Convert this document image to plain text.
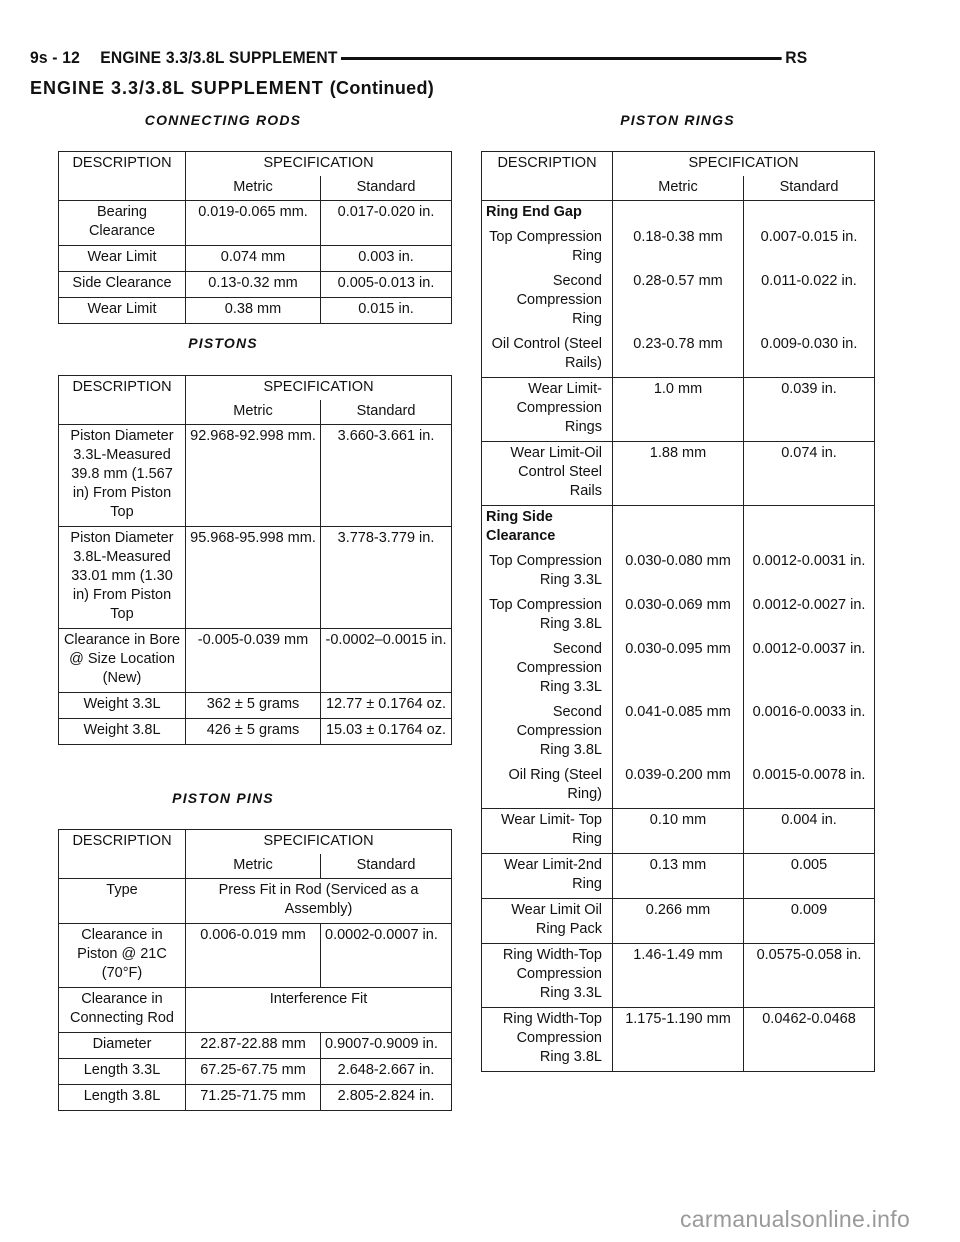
9s - 12 ENGINE 3.3/3.8L SUPPLEMENT	RS
ENGINE 3.3/3.8L SUPPLEMENT (Continued)
CONNECTING RODS
DESCRIPTION	SPECIFICATION	
	Metric	Standard
Bearing Clearance	0.019-0.065 mm.	0.017-0.020 in.
Wear Limit	0.074 mm	0.003 in.
Side Clearance	0.13-0.32 mm	0.005-0.013 in.
Wear Limit	0.38 mm	0.015 in.
PISTONS
DESCRIPTION	SPECIFICATION	
	Metric	Standard
Piston Diameter 3.3L-Measured 39.8 mm (1.567 in) From Piston Top	92.968-92.998 mm.	3.660-3.661 in.
Piston Diameter 3.8L-Measured 33.01 mm (1.30 in) From Piston Top	95.968-95.998 mm.	3.778-3.779 in.
Clearance in Bore @ Size Location (New)	-0.005-0.039 mm	-0.0002–0.0015 in.
Weight 3.3L	362 ± 5 grams	12.77 ± 0.1764 oz.
Weight 3.8L	426 ± 5 grams	15.03 ± 0.1764 oz.
PISTON PINS
DESCRIPTION	SPECIFICATION	
	Metric	Standard
Type	Press Fit in Rod (Serviced as a Assembly)	
Clearance in Piston @ 21C (70°F)	0.006-0.019 mm	0.0002-0.0007 in.
Clearance in Connecting Rod	Interference Fit	
Diameter	22.87-22.88 mm	0.9007-0.9009 in.
Length 3.3L	67.25-67.75 mm	2.648-2.667 in.
Length 3.8L	71.25-71.75 mm	2.805-2.824 in.
PISTON RINGS
DESCRIPTION	SPECIFICATION	
	Metric	Standard
Ring End Gap		
Top Compression Ring	0.18-0.38 mm	0.007-0.015 in.
Second Compression Ring	0.28-0.57 mm	0.011-0.022 in.
Oil Control (Steel Rails)	0.23-0.78 mm	0.009-0.030 in.
Wear Limit- Compression Rings	1.0 mm	0.039 in.
Wear Limit-Oil Control Steel Rails	1.88 mm	0.074 in.
Ring Side Clearance		
Top Compression Ring 3.3L	0.030-0.080 mm	0.0012-0.0031 in.
Top Compression Ring 3.8L	0.030-0.069 mm	0.0012-0.0027 in.
Second Compression Ring 3.3L	0.030-0.095 mm	0.0012-0.0037 in.
Second Compression Ring 3.8L	0.041-0.085 mm	0.0016-0.0033 in.
Oil Ring (Steel Ring)	0.039-0.200 mm	0.0015-0.0078 in.
Wear Limit- Top Ring	0.10 mm	0.004 in.
Wear Limit-2nd Ring	0.13 mm	0.005
Wear Limit Oil Ring Pack	0.266 mm	0.009
Ring Width-Top Compression Ring 3.3L	1.46-1.49 mm	0.0575-0.058 in.
Ring Width-Top Compression Ring 3.8L	1.175-1.190 mm	0.0462-0.0468
carmanualsonline.info
